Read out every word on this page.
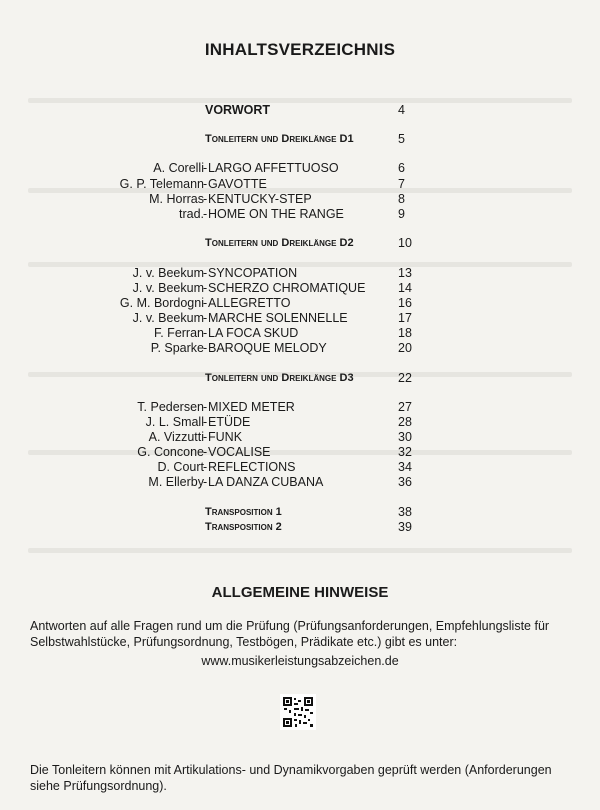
INHALTSVERZEICHNIS
VORWORT	4
Tonleitern und Dreiklänge D1	5
A. Corelli - LARGO AFFETTUOSO	6
G. P. Telemann - GAVOTTE	7
M. Horras - KENTUCKY-STEP	8
trad. - HOME ON THE RANGE	9
Tonleitern und Dreiklänge D2	10
J. v. Beekum - SYNCOPATION	13
J. v. Beekum - SCHERZO CHROMATIQUE	14
G. M. Bordogni - ALLEGRETTO	16
J. v. Beekum - MARCHE SOLENNELLE	17
F. Ferran - LA FOCA SKUD	18
P. Sparke - BAROQUE MELODY	20
Tonleitern und Dreiklänge D3	22
T. Pedersen - MIXED METER	27
J. L. Small - ETÜDE	28
A. Vizzutti - FUNK	30
G. Concone - VOCALISE	32
D. Court - REFLECTIONS	34
M. Ellerby - LA DANZA CUBANA	36
Transposition 1	38
Transposition 2	39
ALLGEMEINE HINWEISE
Antworten auf alle Fragen rund um die Prüfung (Prüfungsanforderungen, Empfehlungsliste für
Selbstwahlstücke, Prüfungsordnung, Testbögen, Prädikate etc.) gibt es unter:
www.musikerleistungsabzeichen.de
Die Tonleitern können mit Artikulations- und Dynamikvorgaben geprüft werden (Anforderungen
siehe Prüfungsordnung).
